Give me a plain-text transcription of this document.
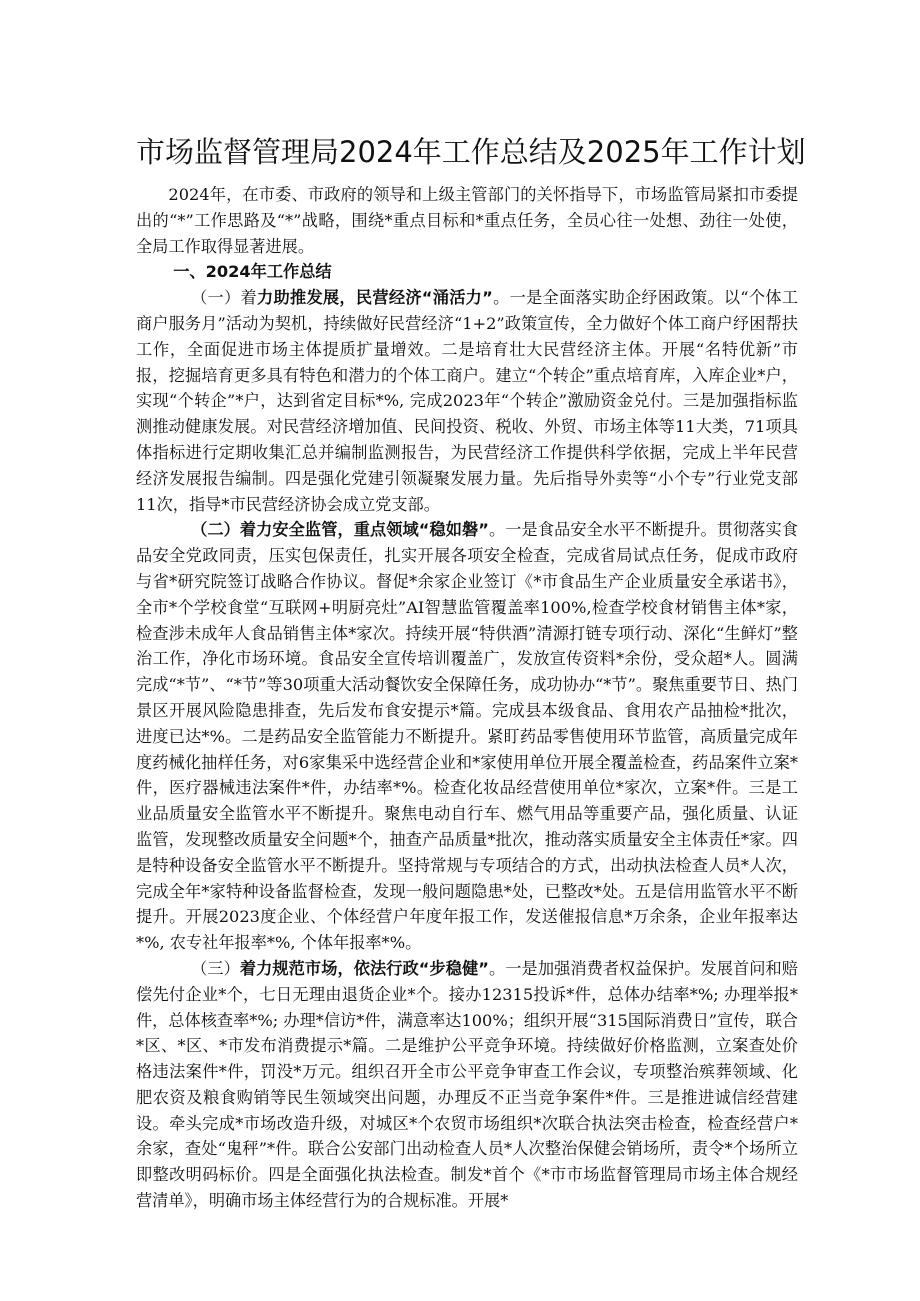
市场监督管理局2024年工作总结及2025年工作计划

2024年，在市委、市政府的领导和上级主管部门的关怀指导下，市场监管局紧扣市委提出的“*”工作思路及“*”战略，围绕*重点目标和*重点任务，全员心往一处想、劲往一处使，全局工作取得显著进展。

一、2024年工作总结

（一）着力助推发展，民营经济“涌活力”。一是全面落实助企纾困政策。以“个体工商户服务月”活动为契机，持续做好民营经济“1+2”政策宣传，全力做好个体工商户纾困帮扶工作，全面促进市场主体提质扩量增效。二是培育壮大民营经济主体。开展“名特优新”市报，挖掘培育更多具有特色和潜力的个体工商户。建立“个转企”重点培育库，入库企业*户，实现“个转企”*户，达到省定目标*%, 完成2023年“个转企”激励资金兑付。三是加强指标监测推动健康发展。对民营经济增加值、民间投资、税收、外贸、市场主体等11大类，71项具体指标进行定期收集汇总并编制监测报告，为民营经济工作提供科学依据，完成上半年民营经济发展报告编制。四是强化党建引领凝聚发展力量。先后指导外卖等“小个专”行业党支部11次，指导*市民营经济协会成立党支部。

（二）着力安全监管，重点领域“稳如磐”。一是食品安全水平不断提升。贯彻落实食品安全党政同责，压实包保责任，扎实开展各项安全检查，完成省局试点任务，促成市政府与省*研究院签订战略合作协议。督促*余家企业签订《*市食品生产企业质量安全承诺书》，全市*个学校食堂“互联网+明厨亮灶”AI智慧监管覆盖率100%,检查学校食材销售主体*家，检查涉未成年人食品销售主体*家次。持续开展“特供酒”清源打链专项行动、深化“生鲜灯”整治工作，净化市场环境。食品安全宣传培训覆盖广，发放宣传资料*余份，受众超*人。圆满完成“*节”、“*节”等30项重大活动餐饮安全保障任务，成功协办“*节”。聚焦重要节日、热门景区开展风险隐患排查，先后发布食安提示*篇。完成县本级食品、食用农产品抽检*批次，进度已达*%。二是药品安全监管能力不断提升。紧盯药品零售使用环节监管，高质量完成年度药械化抽样任务，对6家集采中选经营企业和*家使用单位开展全覆盖检查，药品案件立案*件，医疗器械违法案件*件，办结率*%。检查化妆品经营使用单位*家次，立案*件。三是工业品质量安全监管水平不断提升。聚焦电动自行车、燃气用品等重要产品，强化质量、认证监管，发现整改质量安全问题*个，抽查产品质量*批次，推动落实质量安全主体责任*家。四是特种设备安全监管水平不断提升。坚持常规与专项结合的方式，出动执法检查人员*人次，完成全年*家特种设备监督检查，发现一般问题隐患*处，已整改*处。五是信用监管水平不断提升。开展2023度企业、个体经营户年度年报工作，发送催报信息*万余条，企业年报率达*%, 农专社年报率*%, 个体年报率*%。

（三）着力规范市场，依法行政“步稳健”。一是加强消费者权益保护。发展首问和赔偿先付企业*个，七日无理由退货企业*个。接办12315投诉*件，总体办结率*%; 办理举报*件，总体核查率*%; 办理*信访*件，满意率达100%；组织开展“315国际消费日”宣传，联合*区、*区、*市发布消费提示*篇。二是维护公平竞争环境。持续做好价格监测，立案查处价格违法案件*件，罚没*万元。组织召开全市公平竞争审查工作会议，专项整治殡葬领域、化肥农资及粮食购销等民生领域突出问题，办理反不正当竞争案件*件。三是推进诚信经营建设。牵头完成*市场改造升级，对城区*个农贸市场组织*次联合执法突击检查，检查经营户*余家，查处“鬼秤”*件。联合公安部门出动检查人员*人次整治保健会销场所，责令*个场所立即整改明码标价。四是全面强化执法检查。制发*首个《*市市场监督管理局市场主体合规经营清单》，明确市场主体经营行为的合规标准。开展*
